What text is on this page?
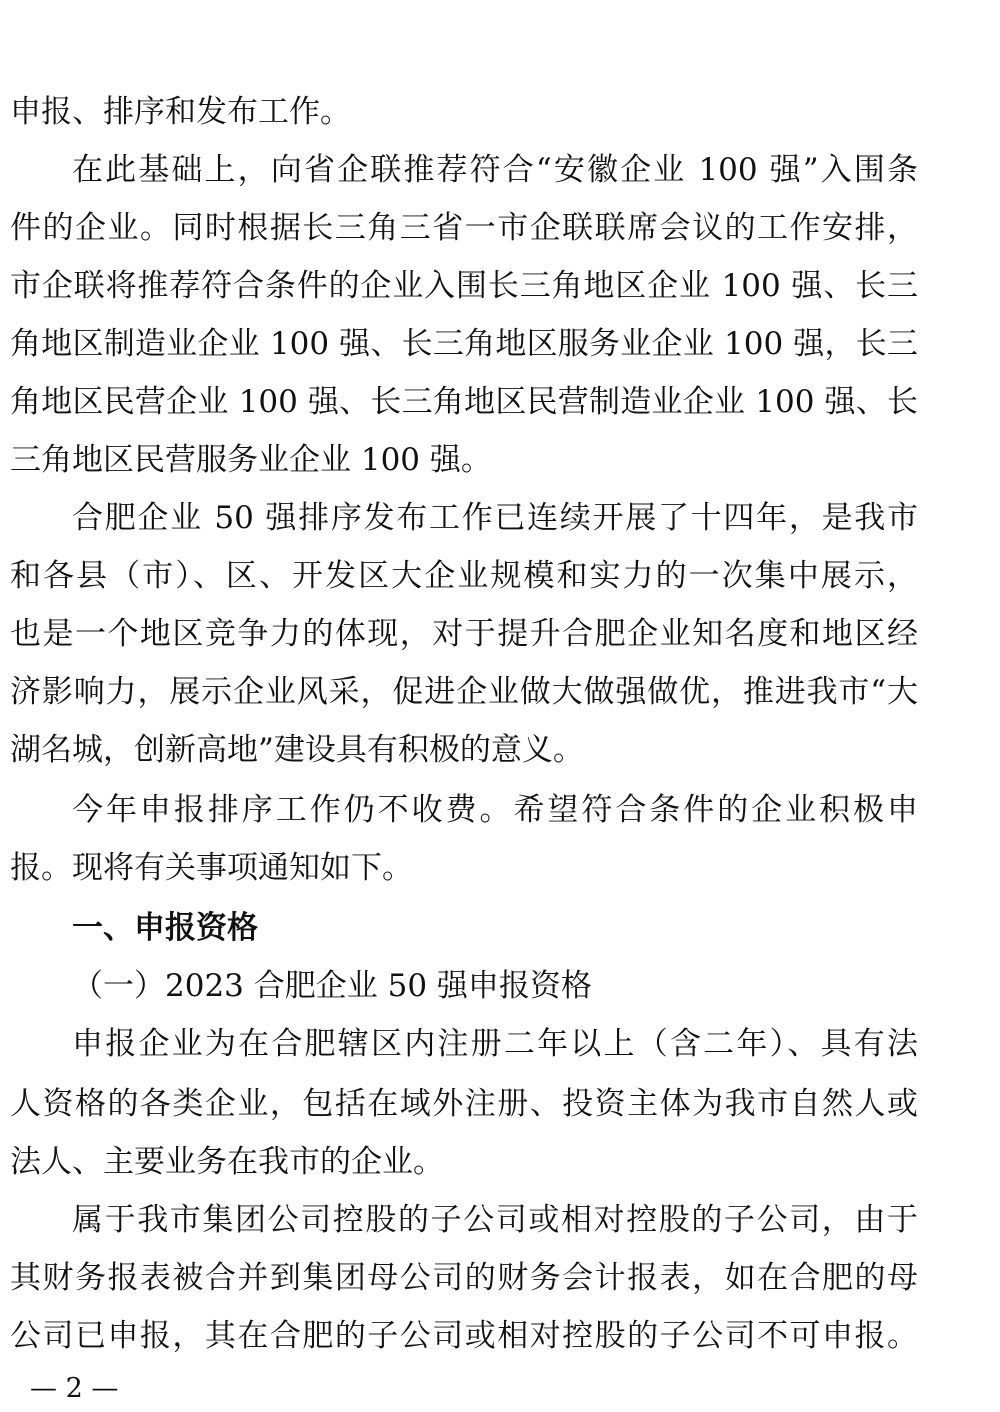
申报、排序和发布工作。
在此基础上，向省企联推荐符合“安徽企业 100 强”入围条
件的企业。同时根据长三角三省一市企联联席会议的工作安排，
市企联将推荐符合条件的企业入围长三角地区企业 100 强、长三
角地区制造业企业 100 强、长三角地区服务业企业 100 强，长三
角地区民营企业 100 强、长三角地区民营制造业企业 100 强、长
三角地区民营服务业企业 100 强。
合肥企业 50 强排序发布工作已连续开展了十四年，是我市
和各县（市）、区、开发区大企业规模和实力的一次集中展示，
也是一个地区竞争力的体现，对于提升合肥企业知名度和地区经
济影响力，展示企业风采，促进企业做大做强做优，推进我市“大
湖名城，创新高地”建设具有积极的意义。
今年申报排序工作仍不收费。希望符合条件的企业积极申
报。现将有关事项通知如下。
一、申报资格
（一）2023 合肥企业 50 强申报资格
申报企业为在合肥辖区内注册二年以上（含二年）、具有法
人资格的各类企业，包括在域外注册、投资主体为我市自然人或
法人、主要业务在我市的企业。
属于我市集团公司控股的子公司或相对控股的子公司，由于
其财务报表被合并到集团母公司的财务会计报表，如在合肥的母
公司已申报，其在合肥的子公司或相对控股的子公司不可申报。
— 2 —
